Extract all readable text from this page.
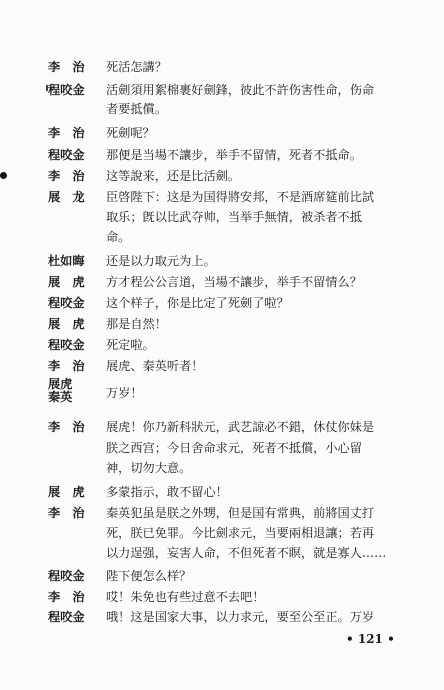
李　治	死活怎講？
程咬金	活劍須用絮棉裹好劍鋒，彼此不許伤害性命，伤命
者要抵償。
李　治	死劍呢？
程咬金	那便是当場不讓步，举手不留情，死者不抵命。
李　治	这等說来，还是比活劍。
展　龙	臣啓陛下：这是为国得將安邦，不是酒席筵前比試
取乐；旣以比武夺帅，当举手無情，被杀者不抵
命。
杜如晦	还是以力取元为上。
展　虎	方才程公公言道，当場不讓步，举手不留情么？
程咬金	这个样子，你是比定了死劍了啦？
展　虎	那是自然！
程咬金	死定啦。
李　治	展虎、秦英听者！
展虎
秦英	万岁！
李　治	展虎！你乃新科狀元，武艺諒必不錯，休仗你妹是
朕之西宫；今日舍命求元，死者不抵償，小心留
神，切勿大意。
展　虎	多蒙指示，敢不留心！
李　治	秦英犯虽是朕之外甥，但是国有常典，前將国丈打
死，朕已免罪。今比劍求元，当要兩相退讓；若再
以力逞强，妄害人命，不但死者不瞑，就是寡人……
程咬金	陛下便怎么样？
李　治	哎！朱免也有些过意不去吧！
程咬金	哦！这是国家大事，以力求元，要至公至正。万岁
• 121 •
